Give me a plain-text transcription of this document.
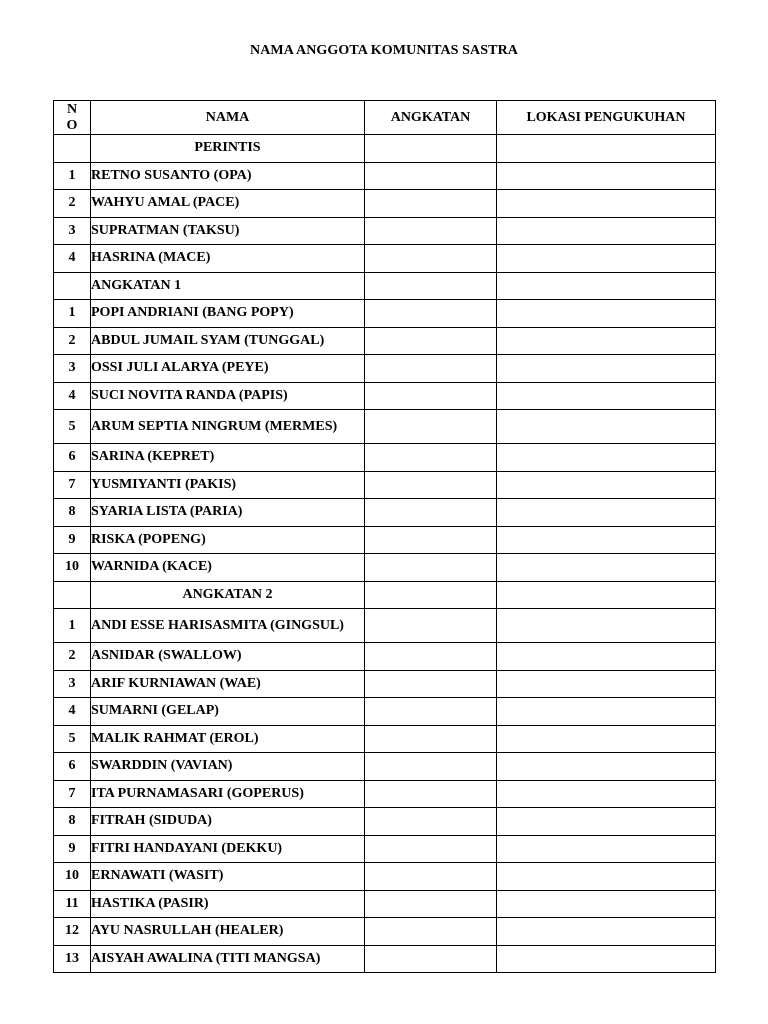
NAMA ANGGOTA KOMUNITAS SASTRA
N
O	NAMA	ANGKATAN	LOKASI PENGUKUHAN
	PERINTIS		
1	RETNO SUSANTO (OPA)		
2	WAHYU AMAL (PACE)		
3	SUPRATMAN (TAKSU)		
4	HASRINA (MACE)		
	ANGKATAN 1		
1	POPI ANDRIANI (BANG POPY)		
2	ABDUL JUMAIL SYAM (TUNGGAL)		
3	OSSI JULI ALARYA (PEYE)		
4	SUCI NOVITA RANDA (PAPIS)		
5	ARUM SEPTIA NINGRUM (MERMES)		
6	SARINA (KEPRET)		
7	YUSMIYANTI (PAKIS)		
8	SYARIA LISTA (PARIA)		
9	RISKA (POPENG)		
10	WARNIDA (KACE)		
	ANGKATAN 2		
1	ANDI ESSE HARISASMITA (GINGSUL)		
2	ASNIDAR (SWALLOW)		
3	ARIF KURNIAWAN (WAE)		
4	SUMARNI (GELAP)		
5	MALIK RAHMAT (EROL)		
6	SWARDDIN (VAVIAN)		
7	ITA PURNAMASARI (GOPERUS)		
8	FITRAH (SIDUDA)		
9	FITRI HANDAYANI (DEKKU)		
10	ERNAWATI (WASIT)		
11	HASTIKA (PASIR)		
12	AYU NASRULLAH (HEALER)		
13	AISYAH AWALINA (TITI MANGSA)		
